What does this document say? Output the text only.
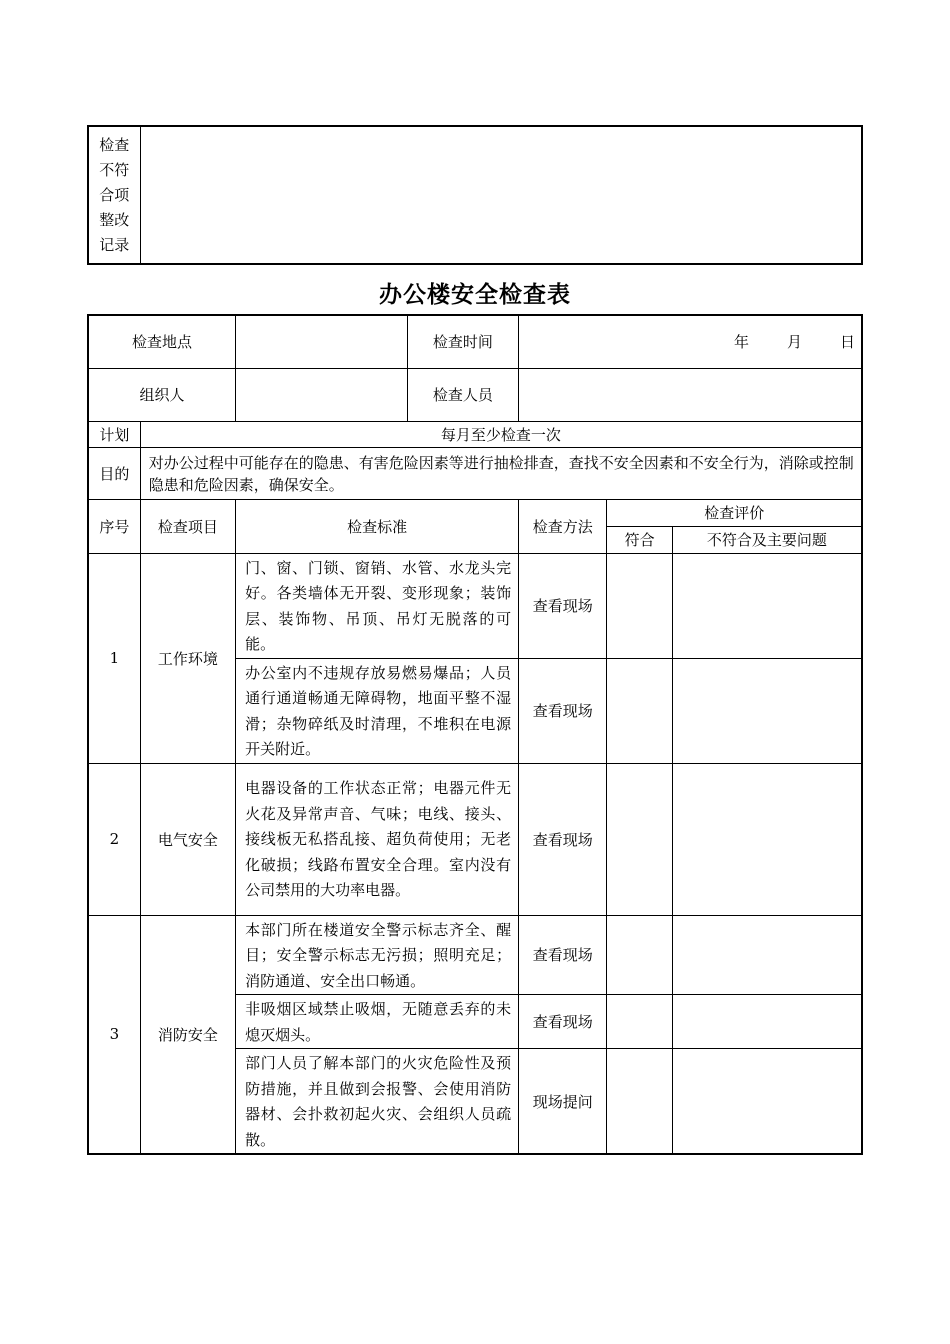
检查
不符
合项
整改
记录

办公楼安全检查表
检查地点			检查时间	年 月 日		
组织人			检查人员			
计划	每月至少检查一次					
目的	对办公过程中可能存在的隐患、有害危险因素等进行抽检排查，查找不安全因素和不安全行为，消除或控制隐患和危险因素，确保安全。					
序号	检查项目	检查标准		检查方法	检查评价	
					符合	不符合及主要问题
1	工作环境	门、窗、门锁、窗销、水管、水龙头完好。各类墙体无开裂、变形现象；装饰层、装饰物、吊顶、吊灯无脱落的可能。		查看现场		
		办公室内不违规存放易燃易爆品；人员通行通道畅通无障碍物，地面平整不湿滑；杂物碎纸及时清理，不堆积在电源开关附近。		查看现场		
2	电气安全	电器设备的工作状态正常；电器元件无火花及异常声音、气味；电线、接头、接线板无私搭乱接、超负荷使用；无老化破损；线路布置安全合理。室内没有公司禁用的大功率电器。		查看现场		
3	消防安全	本部门所在楼道安全警示标志齐全、醒目；安全警示标志无污损；照明充足；消防通道、安全出口畅通。		查看现场		
		非吸烟区域禁止吸烟，无随意丢弃的未熄灭烟头。		查看现场		
		部门人员了解本部门的火灾危险性及预防措施，并且做到会报警、会使用消防器材、会扑救初起火灾、会组织人员疏散。		现场提问		
